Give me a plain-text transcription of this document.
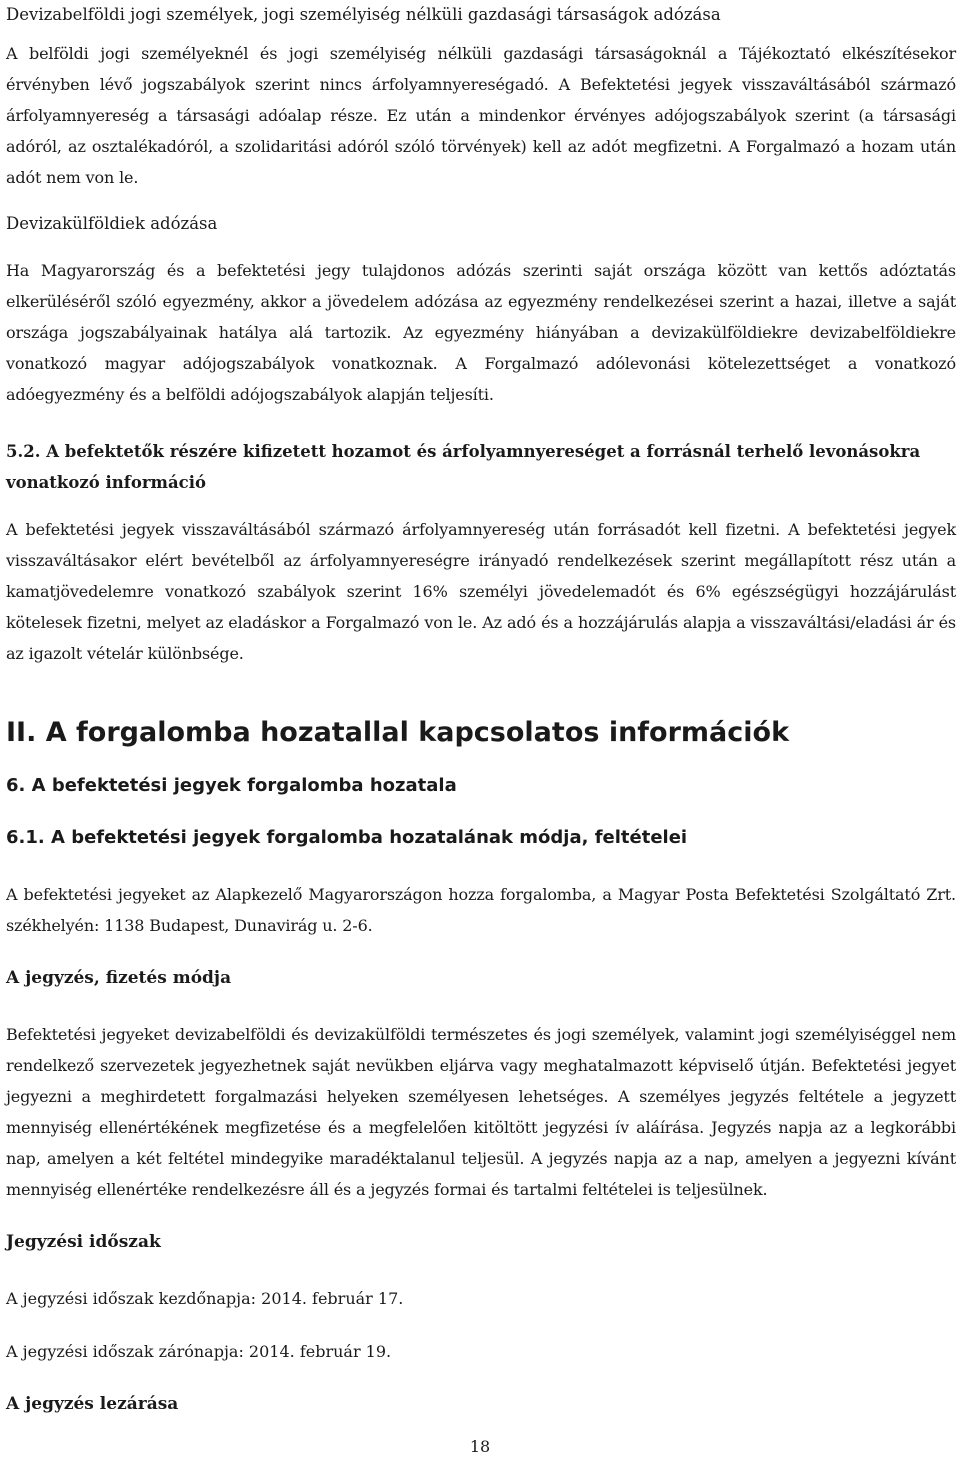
Devizabelföldi jogi személyek, jogi személyiség nélküli gazdasági társaságok adózása

A belföldi jogi személyeknél és jogi személyiség nélküli gazdasági társaságoknál a Tájékoztató elkészítésekor érvényben lévő jogszabályok szerint nincs árfolyamnyereségadó. A Befektetési jegyek visszaváltásából származó árfolyamnyereség a társasági adóalap része. Ez után a mindenkor érvényes adójogszabályok szerint (a társasági adóról, az osztalékadóról, a szolidaritási adóról szóló törvények) kell az adót megfizetni. A Forgalmazó a hozam után adót nem von le.

Devizakülföldiek adózása

Ha Magyarország és a befektetési jegy tulajdonos adózás szerinti saját országa között van kettős adóztatás elkerüléséről szóló egyezmény, akkor a jövedelem adózása az egyezmény rendelkezései szerint a hazai, illetve a saját országa jogszabályainak hatálya alá tartozik. Az egyezmény hiányában a devizakülföldiekre devizabelföldiekre vonatkozó magyar adójogszabályok vonatkoznak. A Forgalmazó adólevonási kötelezettséget a vonatkozó adóegyezmény és a belföldi adójogszabályok alapján teljesíti.

5.2. A befektetők részére kifizetett hozamot és árfolyamnyereséget a forrásnál terhelő levonásokra vonatkozó információ

A befektetési jegyek visszaváltásából származó árfolyamnyereség után forrásadót kell fizetni. A befektetési jegyek visszaváltásakor elért bevételből az árfolyamnyereségre irányadó rendelkezések szerint megállapított rész után a kamatjövedelemre vonatkozó szabályok szerint 16% személyi jövedelemadót és 6% egészségügyi hozzájárulást kötelesek fizetni, melyet az eladáskor a Forgalmazó von le. Az adó és a hozzájárulás alapja a visszaváltási/eladási ár és az igazolt vételár különbsége.

II. A forgalomba hozatallal kapcsolatos információk
6. A befektetési jegyek forgalomba hozatala
6.1. A befektetési jegyek forgalomba hozatalának módja, feltételei

A befektetési jegyeket az Alapkezelő Magyarországon hozza forgalomba, a Magyar Posta Befektetési Szolgáltató Zrt. székhelyén: 1138 Budapest, Dunavirág u. 2-6.

A jegyzés, fizetés módja

Befektetési jegyeket devizabelföldi és devizakülföldi természetes és jogi személyek, valamint jogi személyiséggel nem rendelkező szervezetek jegyezhetnek saját nevükben eljárva vagy meghatalmazott képviselő útján. Befektetési jegyet jegyezni a meghirdetett forgalmazási helyeken személyesen lehetséges. A személyes jegyzés feltétele a jegyzett mennyiség ellenértékének megfizetése és a megfelelően kitöltött jegyzési ív aláírása. Jegyzés napja az a legkorábbi nap, amelyen a két feltétel mindegyike maradéktalanul teljesül. A jegyzés napja az a nap, amelyen a jegyezni kívánt mennyiség ellenértéke rendelkezésre áll és a jegyzés formai és tartalmi feltételei is teljesülnek.

Jegyzési időszak

A jegyzési időszak kezdőnapja: 2014. február 17.

A jegyzési időszak zárónapja: 2014. február 19.

A jegyzés lezárása
18
